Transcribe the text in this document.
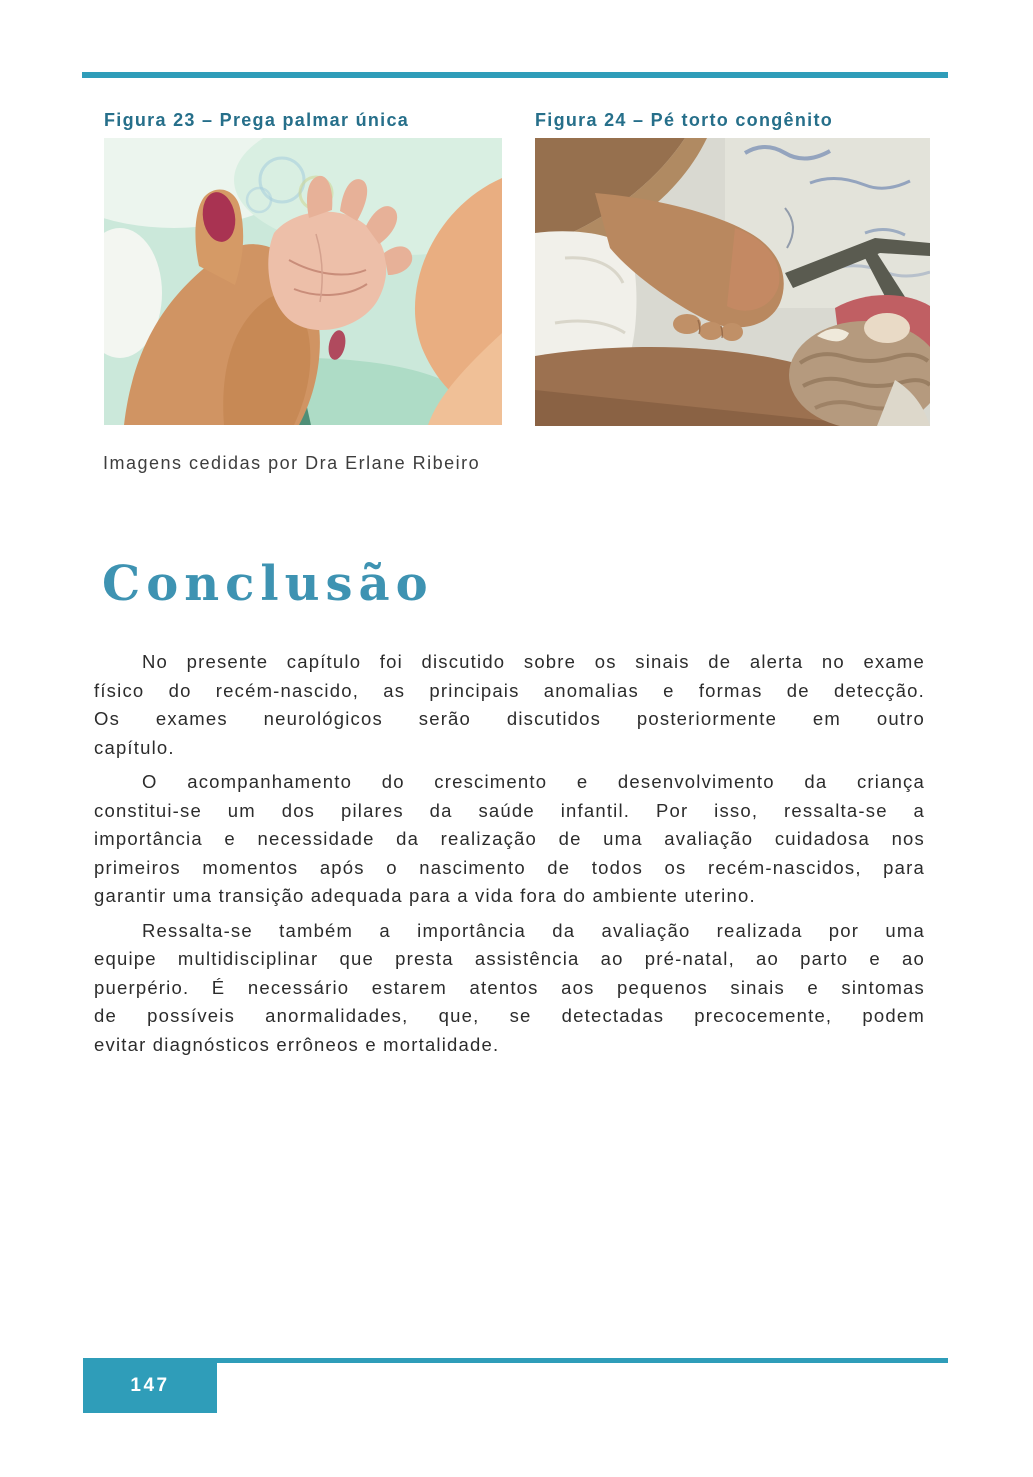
Figura 23 – Prega palmar única	Figura 24 – Pé torto congênito
Imagens cedidas por Dra Erlane Ribeiro
Conclusão
No presente capítulo foi discutido sobre os sinais de alerta no exame
físico do recém-nascido, as principais anomalias e formas de detecção.
Os exames neurológicos serão discutidos posteriormente em outro
capítulo.
O acompanhamento do crescimento e desenvolvimento da criança
constitui-se um dos pilares da saúde infantil. Por isso, ressalta-se a
importância e necessidade da realização de uma avaliação cuidadosa nos
primeiros momentos após o nascimento de todos os recém-nascidos, para
garantir uma transição adequada para a vida fora do ambiente uterino.
Ressalta-se também a importância da avaliação realizada por uma
equipe multidisciplinar que presta assistência ao pré-natal, ao parto e ao
puerpério. É necessário estarem atentos aos pequenos sinais e sintomas
de possíveis anormalidades, que, se detectadas precocemente, podem
evitar diagnósticos errôneos e mortalidade.
147
